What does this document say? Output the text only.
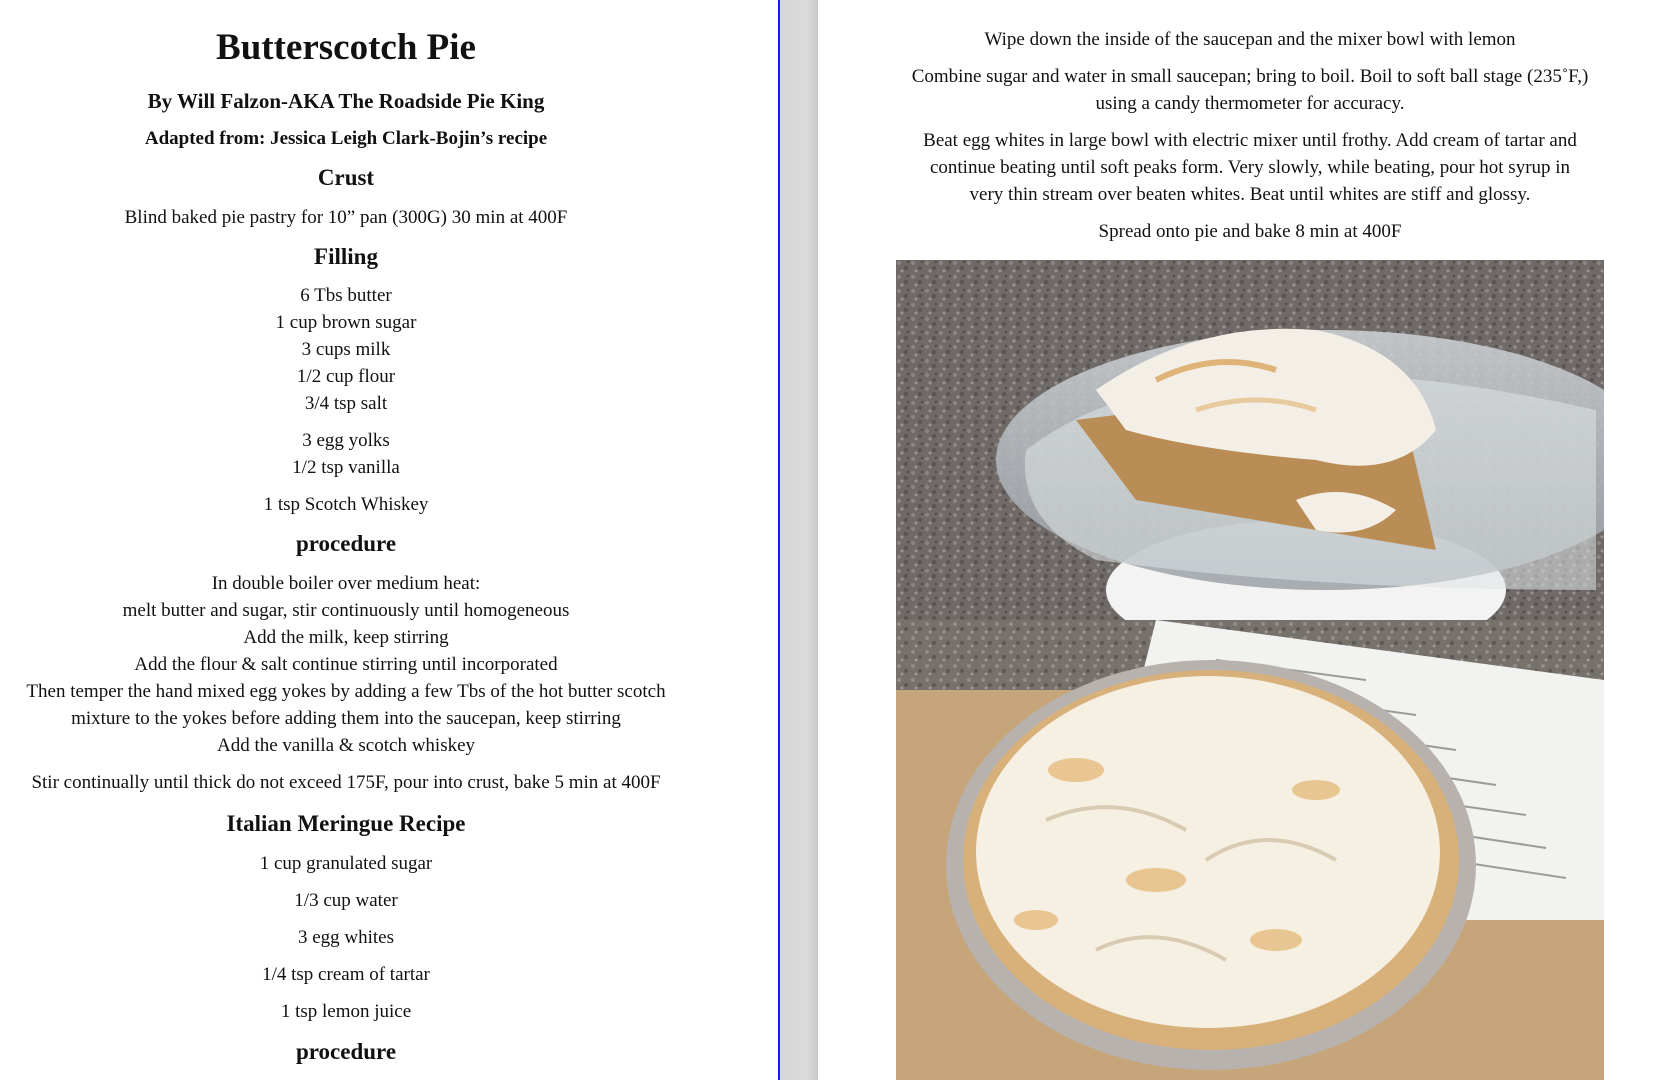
Butterscotch Pie
By Will Falzon-AKA The Roadside Pie King
Adapted from: Jessica Leigh Clark-Bojin’s recipe
Crust
Blind baked pie pastry for 10” pan (300G) 30 min at 400F
Filling
6 Tbs butter
1 cup brown sugar
3 cups milk
1/2 cup flour
3/4 tsp salt
3 egg yolks
1/2 tsp vanilla
1 tsp Scotch Whiskey
procedure
In double boiler over medium heat:
melt butter and sugar, stir continuously until homogeneous
Add the milk, keep stirring
Add the flour & salt continue stirring until incorporated
Then temper the hand mixed egg yokes by adding a few Tbs of the hot butter scotch
mixture to the yokes before adding them into the saucepan, keep stirring
Add the vanilla & scotch whiskey
Stir continually until thick do not exceed 175F, pour into crust, bake 5 min at 400F
Italian Meringue Recipe
1 cup granulated sugar
1/3 cup water
3 egg whites
1/4 tsp cream of tartar
1 tsp lemon juice
procedure
Wipe down the inside of the saucepan and the mixer bowl with lemon
Combine sugar and water in small saucepan; bring to boil. Boil to soft ball stage (235˚F,)
using a candy thermometer for accuracy.
Beat egg whites in large bowl with electric mixer until frothy. Add cream of tartar and
continue beating until soft peaks form. Very slowly, while beating, pour hot syrup in
very thin stream over beaten whites. Beat until whites are stiff and glossy.
Spread onto pie and bake 8 min at 400F
